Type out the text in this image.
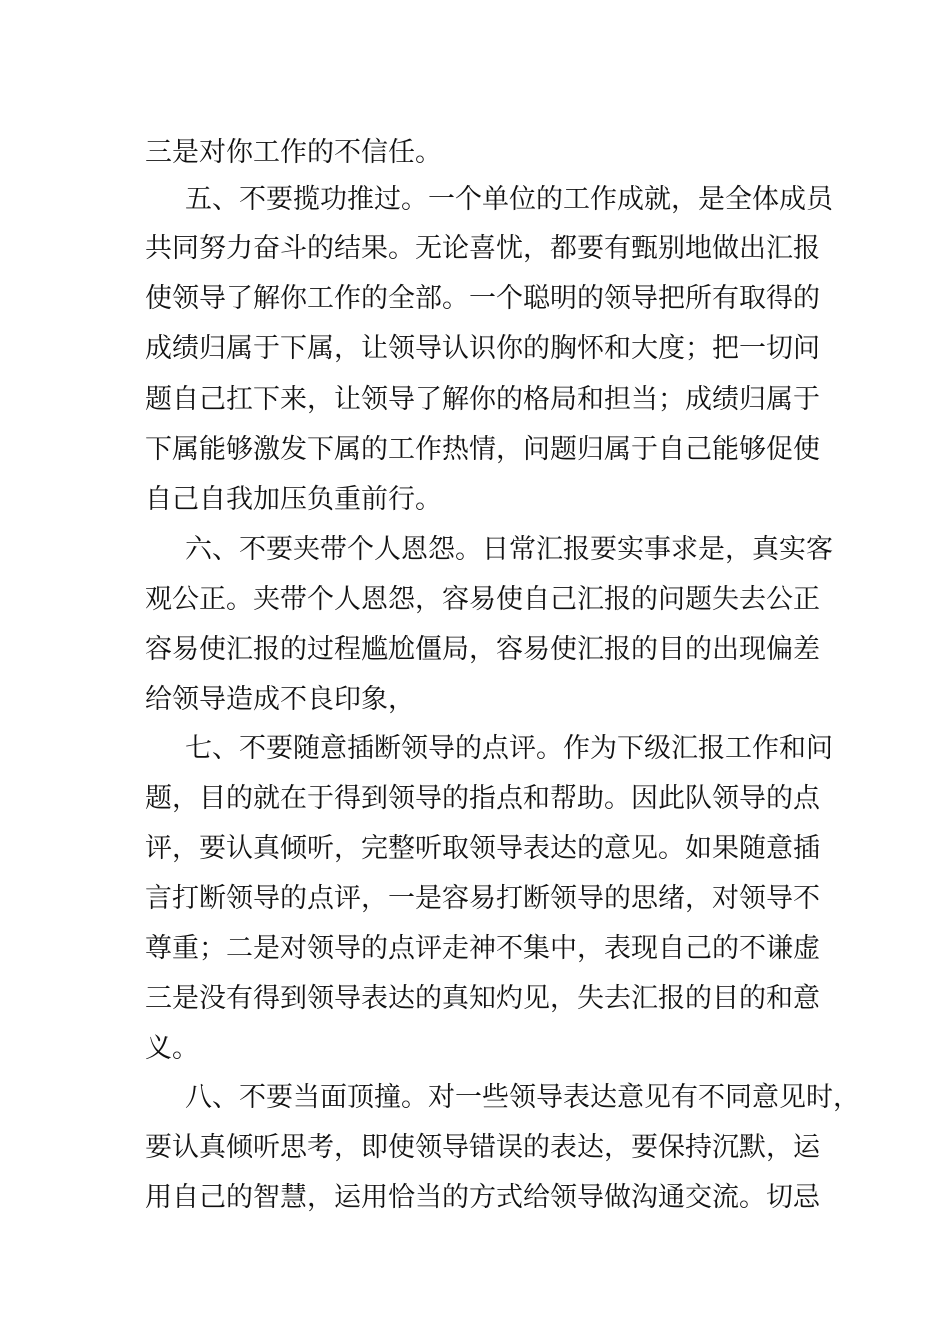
三是对你工作的不信任。
五、不要揽功推过。一个单位的工作成就，是全体成员
共同努力奋斗的结果。无论喜忧，都要有甄别地做出汇报
使领导了解你工作的全部。一个聪明的领导把所有取得的
成绩归属于下属，让领导认识你的胸怀和大度；把一切问
题自己扛下来，让领导了解你的格局和担当；成绩归属于
下属能够激发下属的工作热情，问题归属于自己能够促使
自己自我加压负重前行。
六、不要夹带个人恩怨。日常汇报要实事求是，真实客
观公正。夹带个人恩怨，容易使自己汇报的问题失去公正
容易使汇报的过程尴尬僵局，容易使汇报的目的出现偏差
给领导造成不良印象，
七、不要随意插断领导的点评。作为下级汇报工作和问
题，目的就在于得到领导的指点和帮助。因此队领导的点
评，要认真倾听，完整听取领导表达的意见。如果随意插
言打断领导的点评，一是容易打断领导的思绪，对领导不
尊重；二是对领导的点评走神不集中，表现自己的不谦虚
三是没有得到领导表达的真知灼见，失去汇报的目的和意
义。
八、不要当面顶撞。对一些领导表达意见有不同意见时，
要认真倾听思考，即使领导错误的表达，要保持沉默，运
用自己的智慧，运用恰当的方式给领导做沟通交流。切忌
